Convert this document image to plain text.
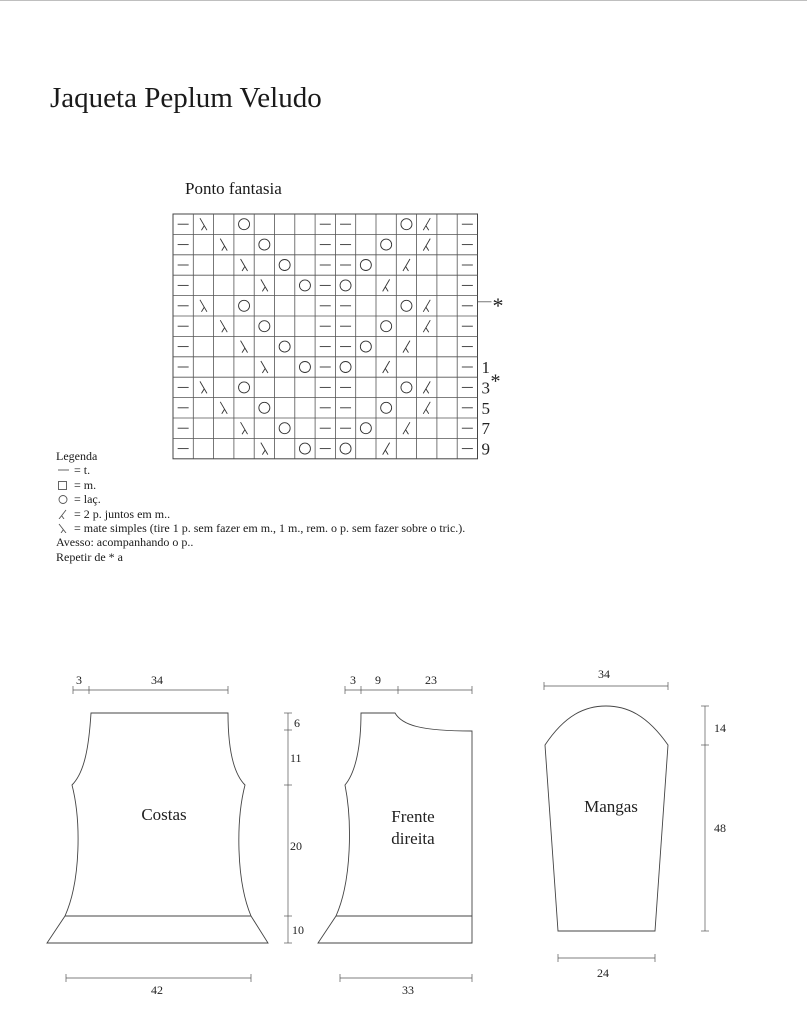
Jaqueta Peplum Veludo
Ponto fantasia
9
7
5
3
1
*
*
Legenda
= t.
= m.
= laç.
= 2 p. juntos em m..
= mate simples (tire 1 p. sem fazer em m., 1 m., rem. o p. sem fazer sobre o tric.).
Avesso: acompanhando o p..
Repetir de * a
3	34
6
11
20
10
42
3 9	23
33
34
14
48
24
Costas	Frente
direita
Mangas
